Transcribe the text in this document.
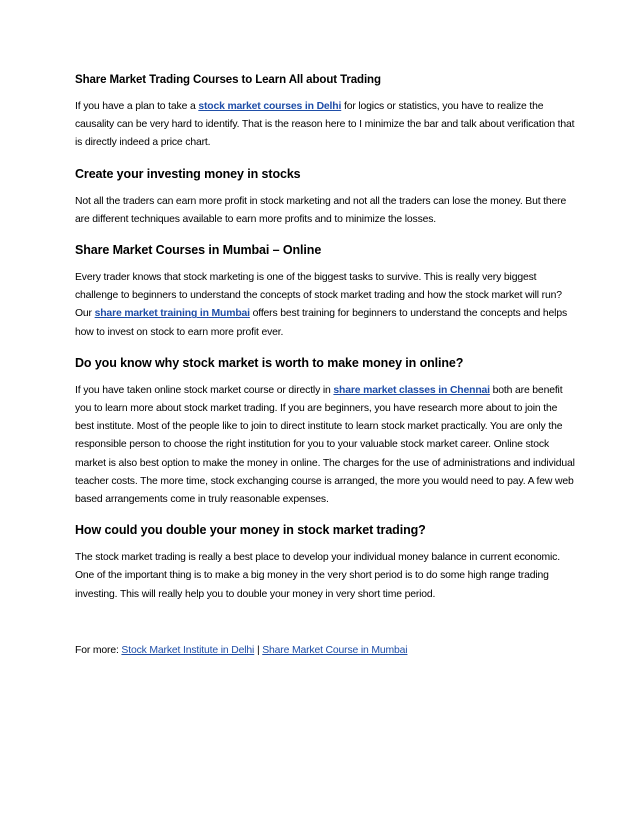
Share Market Trading Courses to Learn All about Trading

If you have a plan to take a stock market courses in Delhi for logics or statistics, you have to realize the causality can be very hard to identify. That is the reason here to I minimize the bar and talk about verification that is directly indeed a price chart.

Create your investing money in stocks

Not all the traders can earn more profit in stock marketing and not all the traders can lose the money. But there are different techniques available to earn more profits and to minimize the losses.

Share Market Courses in Mumbai – Online

Every trader knows that stock marketing is one of the biggest tasks to survive. This is really very biggest challenge to beginners to understand the concepts of stock market trading and how the stock market will run? Our share market training in Mumbai offers best training for beginners to understand the concepts and helps how to invest on stock to earn more profit ever.

Do you know why stock market is worth to make money in online?

If you have taken online stock market course or directly in share market classes in Chennai both are benefit you to learn more about stock market trading. If you are beginners, you have research more about to join the best institute. Most of the people like to join to direct institute to learn stock market practically. You are only the responsible person to choose the right institution for you to your valuable stock market career. Online stock market is also best option to make the money in online. The charges for the use of administrations and individual teacher costs. The more time, stock exchanging course is arranged, the more you would need to pay. A few web based arrangements come in truly reasonable expenses.

How could you double your money in stock market trading?

The stock market trading is really a best place to develop your individual money balance in current economic. One of the important thing is to make a big money in the very short period is to do some high range trading investing. This will really help you to double your money in very short time period.

For more: Stock Market Institute in Delhi | Share Market Course in Mumbai
